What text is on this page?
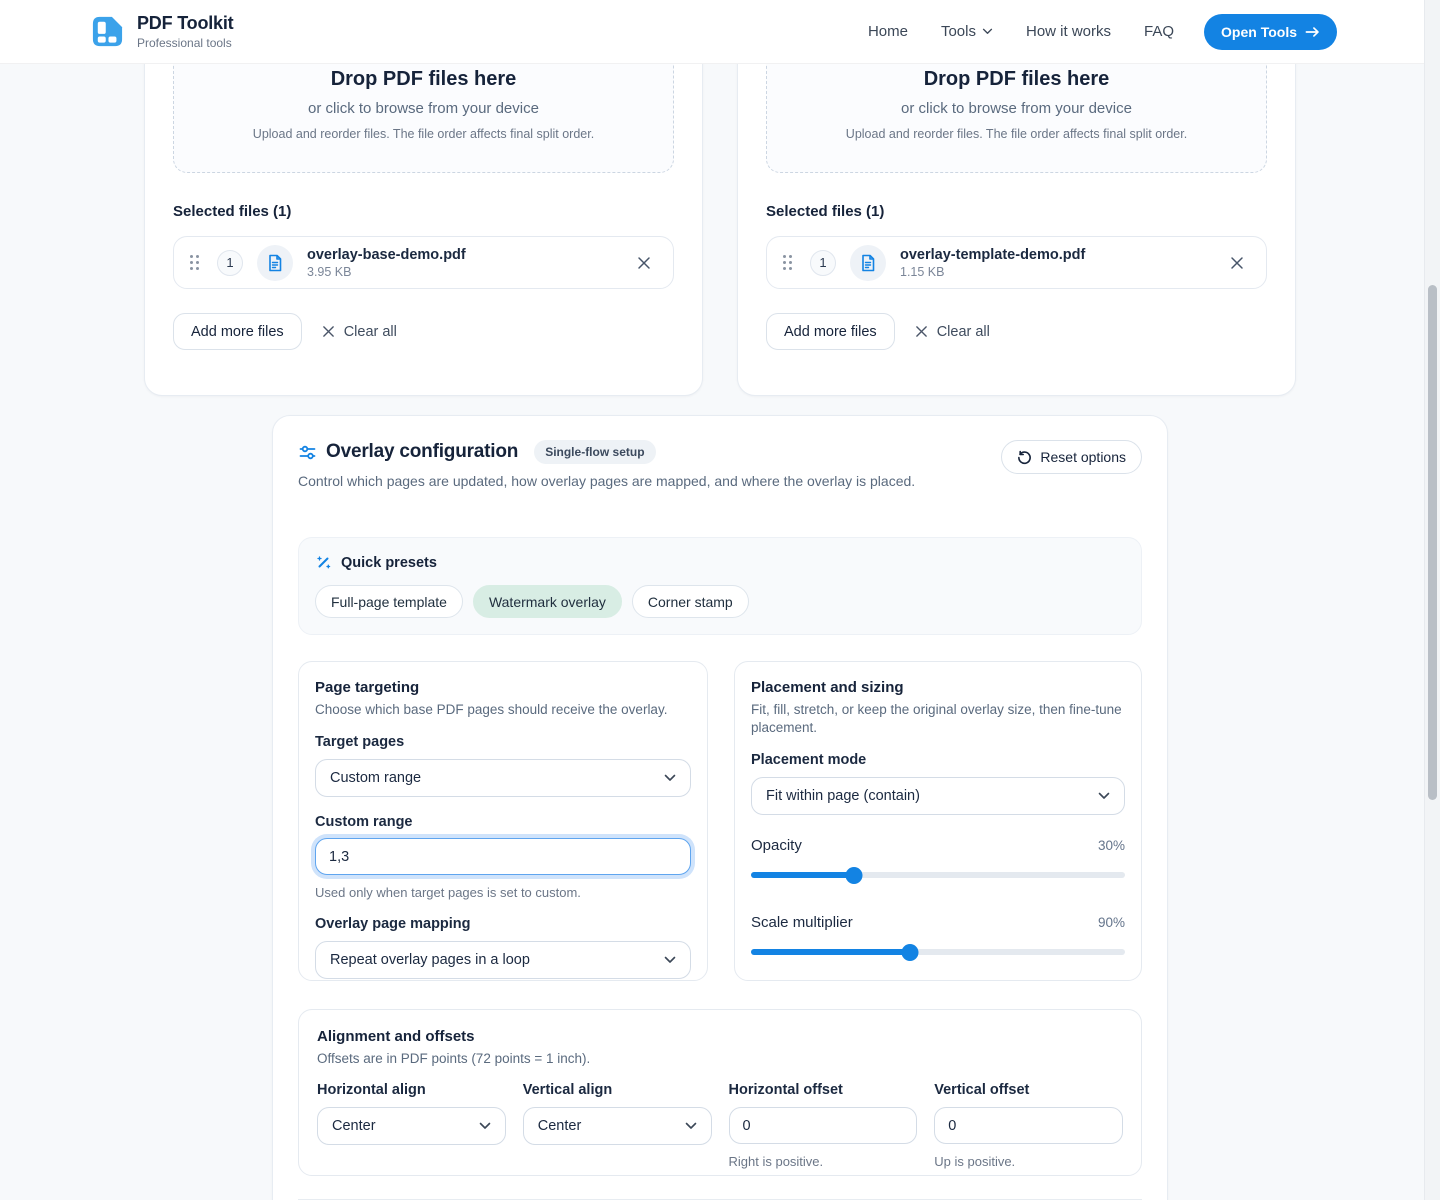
Drop PDF files here
or click to browse from your device
Upload and reorder files. The file order affects final split order.
Selected files (1)
1	overlay-base-demo.pdf
3.95 KB
Add more files	Clear all
Drop PDF files here
or click to browse from your device
Upload and reorder files. The file order affects final split order.
Selected files (1)
1	overlay-template-demo.pdf
1.15 KB
Add more files	Clear all
Overlay configuration	Single-flow setup
Control which pages are updated, how overlay pages are mapped, and where the overlay is placed.
Reset options
Quick presets
Full-page template	Watermark overlay	Corner stamp
Page targeting
Choose which base PDF pages should receive the overlay.
Target pages
Custom range
Custom range
1,3
Used only when target pages is set to custom.
Overlay page mapping
Repeat overlay pages in a loop
Placement and sizing
Fit, fill, stretch, or keep the original overlay size, then fine-tune placement.
Placement mode
Fit within page (contain)
Opacity	30%
Scale multiplier	90%
Alignment and offsets
Offsets are in PDF points (72 points = 1 inch).
Horizontal align
Center
Vertical align
Center
Horizontal offset
0
Right is positive.
Vertical offset
0
Up is positive.
PDF Toolkit
Professional tools
Home Tools	How it works FAQ	Open Tools
